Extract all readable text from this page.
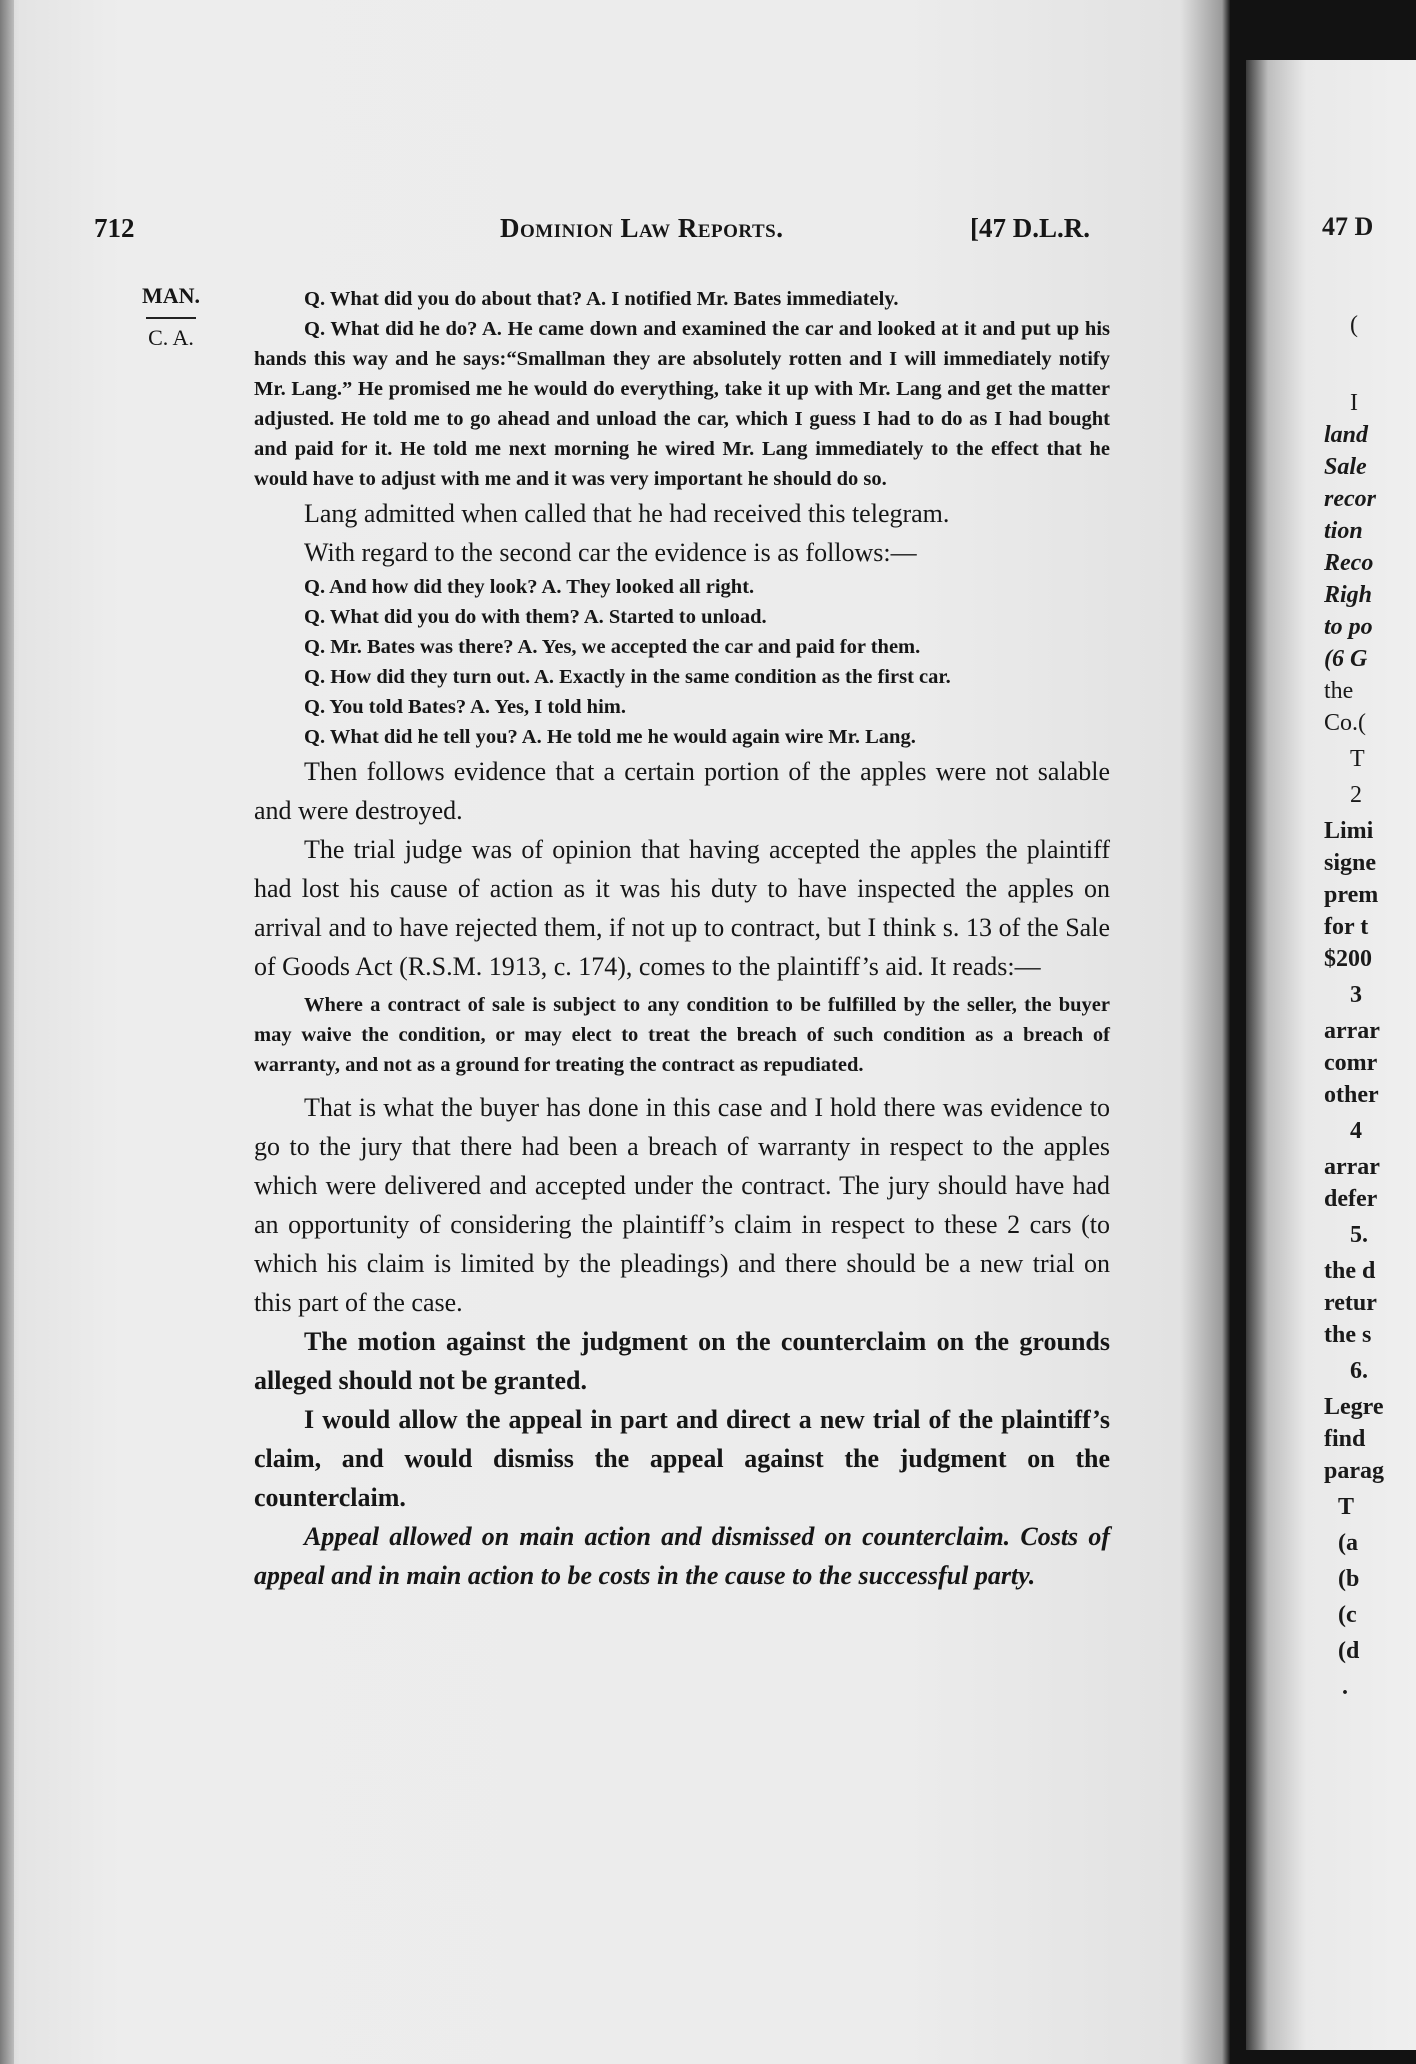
712	Dominion Law Reports.	[47 D.L.R.
MAN.
C. A.

Q. What did you do about that? A. I notified Mr. Bates immediately.

Q. What did he do? A. He came down and examined the car and looked at it and put up his hands this way and he says:“Smallman they are absolutely rotten and I will immediately notify Mr. Lang.” He promised me he would do everything, take it up with Mr. Lang and get the matter adjusted. He told me to go ahead and unload the car, which I guess I had to do as I had bought and paid for it. He told me next morning he wired Mr. Lang immediately to the effect that he would have to adjust with me and it was very important he should do so.

Lang admitted when called that he had received this telegram.

With regard to the second car the evidence is as follows:—

Q. And how did they look? A. They looked all right.

Q. What did you do with them? A. Started to unload.

Q. Mr. Bates was there? A. Yes, we accepted the car and paid for them.

Q. How did they turn out. A. Exactly in the same condition as the first car.

Q. You told Bates? A. Yes, I told him.

Q. What did he tell you? A. He told me he would again wire Mr. Lang.

Then follows evidence that a certain portion of the apples were not salable and were destroyed.

The trial judge was of opinion that having accepted the apples the plaintiff had lost his cause of action as it was his duty to have inspected the apples on arrival and to have rejected them, if not up to contract, but I think s. 13 of the Sale of Goods Act (R.S.M. 1913, c. 174), comes to the plaintiff’s aid. It reads:—

Where a contract of sale is subject to any condition to be fulfilled by the seller, the buyer may waive the condition, or may elect to treat the breach of such condition as a breach of warranty, and not as a ground for treating the contract as repudiated.

That is what the buyer has done in this case and I hold there was evidence to go to the jury that there had been a breach of warranty in respect to the apples which were delivered and accepted under the contract. The jury should have had an opportunity of considering the plaintiff’s claim in respect to these 2 cars (to which his claim is limited by the pleadings) and there should be a new trial on this part of the case.

The motion against the judgment on the counterclaim on the grounds alleged should not be granted.

I would allow the appeal in part and direct a new trial of the plaintiff’s claim, and would dismiss the appeal against the judgment on the counterclaim.

Appeal allowed on main action and dismissed on counterclaim. Costs of appeal and in main action to be costs in the cause to the successful party.

47 D
(
I
land
Sale
recor
tion
Reco
Righ
to po
(6 G
the
Co.(
T
2
Limi
signe
prem
for t
$200
3
arrar
comr
other
4
arrar
defer
5.
the d
retur
the s
6.
Legre
find
parag
T
(a
(b
(c
(d
.
